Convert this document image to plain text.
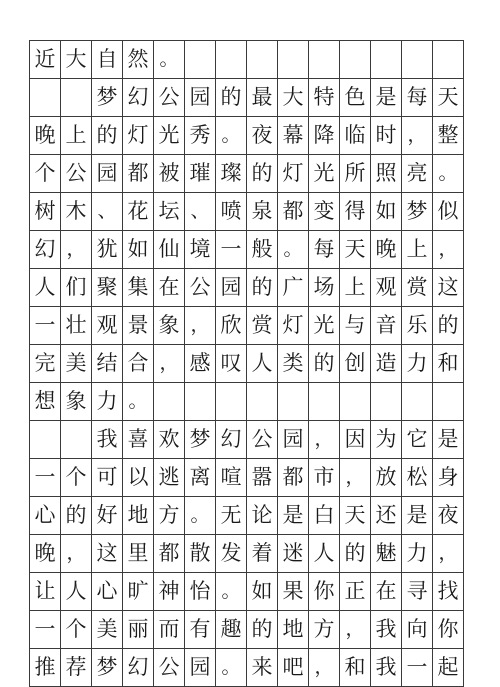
近 大 自 然 。
梦 幻 公 园 的 最 大 特 色 是 每 天
晚 上 的 灯 光 秀 。 夜 幕 降 临 时 ， 整
个 公 园 都 被 璀 璨 的 灯 光 所 照 亮 。
树 木 、 花 坛 、 喷 泉 都 变 得 如 梦 似
幻 ， 犹 如 仙 境 一 般 。 每 天 晚 上 ，
人 们 聚 集 在 公 园 的 广 场 上 观 赏 这
一 壮 观 景 象 ， 欣 赏 灯 光 与 音 乐 的
完 美 结 合 ， 感 叹 人 类 的 创 造 力 和
想 象 力 。
我 喜 欢 梦 幻 公 园 ， 因 为 它 是
一 个 可 以 逃 离 喧 嚣 都 市 ， 放 松 身
心 的 好 地 方 。 无 论 是 白 天 还 是 夜
晚 ， 这 里 都 散 发 着 迷 人 的 魅 力 ，
让 人 心 旷 神 怡 。 如 果 你 正 在 寻 找
一 个 美 丽 而 有 趣 的 地 方 ， 我 向 你
推 荐 梦 幻 公 园 。 来 吧 ， 和 我 一 起
